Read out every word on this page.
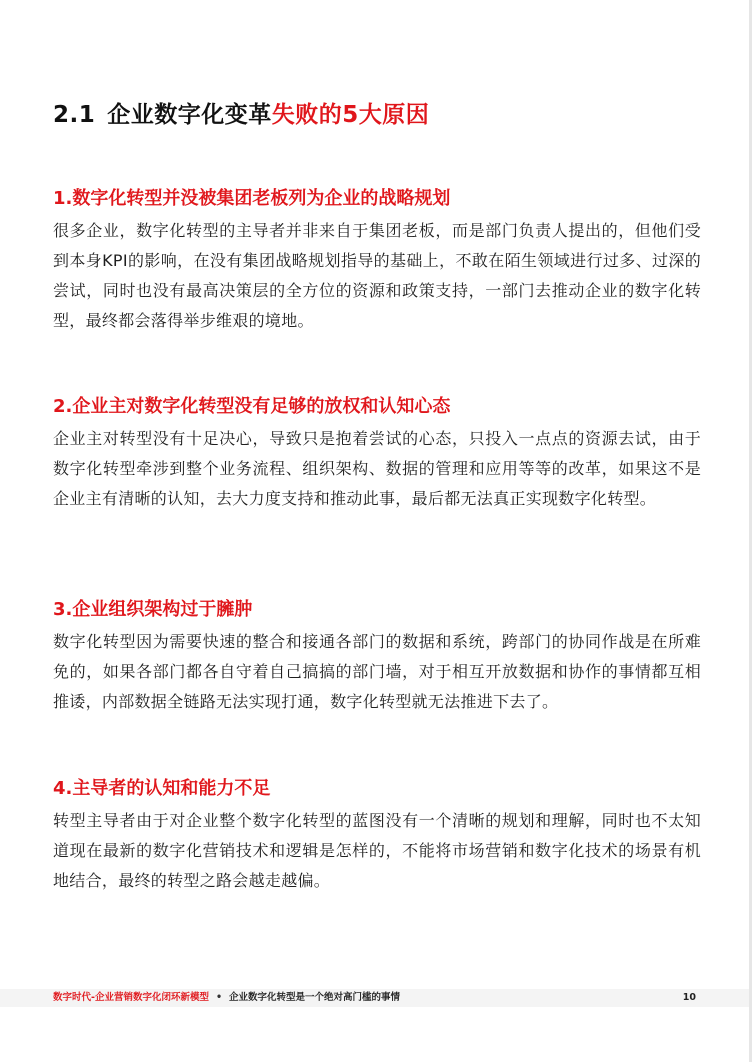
2.1 企业数字化变革失败的5大原因
1.数字化转型并没被集团老板列为企业的战略规划

很多企业，数字化转型的主导者并非来自于集团老板，而是部门负责人提出的，但他们受到本身KPI的影响，在没有集团战略规划指导的基础上，不敢在陌生领域进行过多、过深的尝试，同时也没有最高决策层的全方位的资源和政策支持，一部门去推动企业的数字化转型，最终都会落得举步维艰的境地。

2.企业主对数字化转型没有足够的放权和认知心态

企业主对转型没有十足决心，导致只是抱着尝试的心态，只投入一点点的资源去试，由于数字化转型牵涉到整个业务流程、组织架构、数据的管理和应用等等的改革，如果这不是企业主有清晰的认知，去大力度支持和推动此事，最后都无法真正实现数字化转型。

3.企业组织架构过于臃肿

数字化转型因为需要快速的整合和接通各部门的数据和系统，跨部门的协同作战是在所难免的，如果各部门都各自守着自己搞搞的部门墙，对于相互开放数据和协作的事情都互相推诿，内部数据全链路无法实现打通，数字化转型就无法推进下去了。

4.主导者的认知和能力不足

转型主导者由于对企业整个数字化转型的蓝图没有一个清晰的规划和理解，同时也不太知道现在最新的数字化营销技术和逻辑是怎样的，不能将市场营销和数字化技术的场景有机地结合，最终的转型之路会越走越偏。

数字时代-企业营销数字化闭环新模型 • 企业数字化转型是一个绝对高门槛的事情	10
